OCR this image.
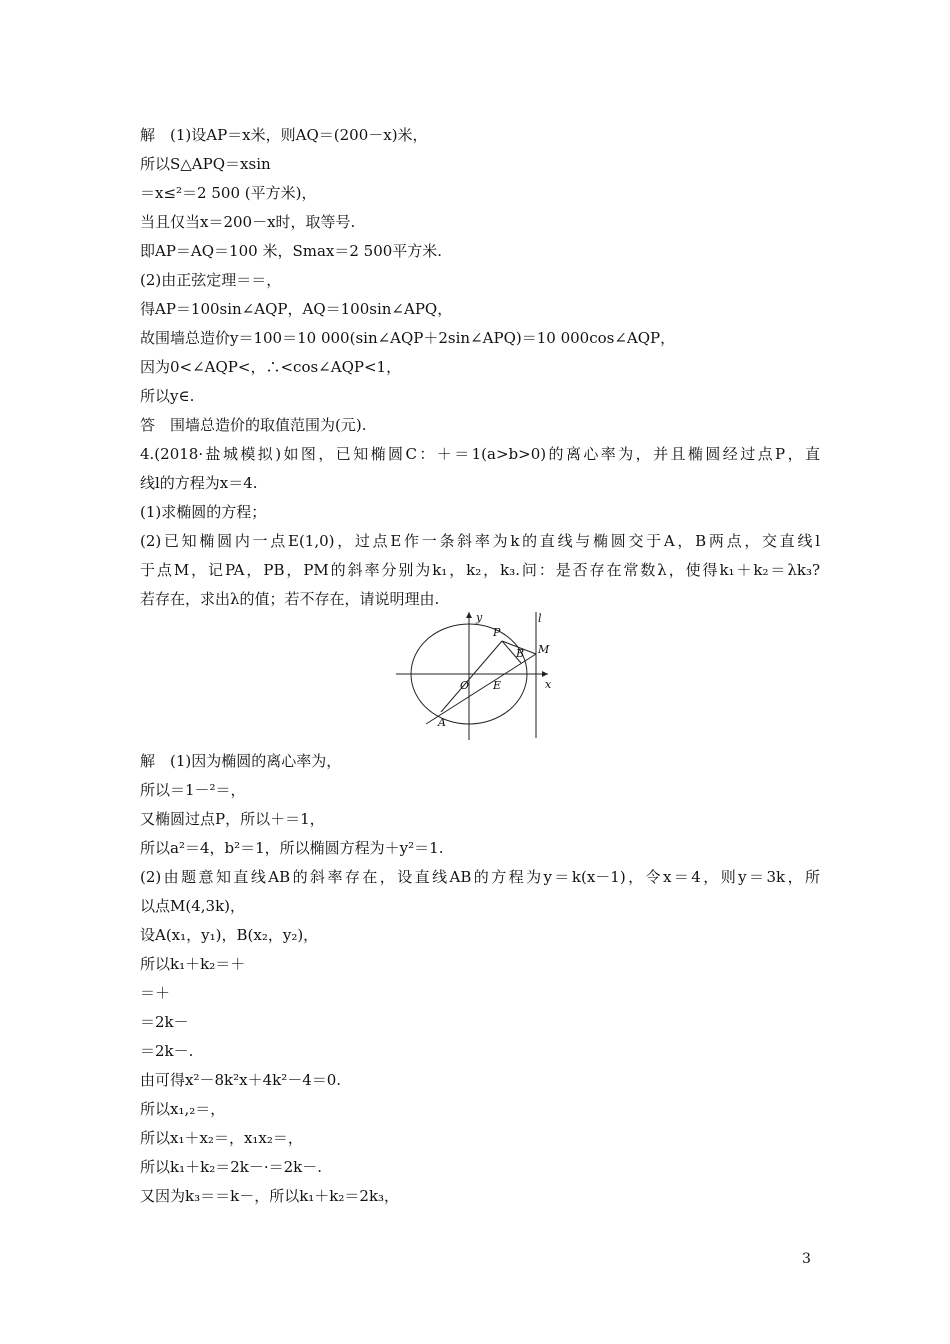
解　(1)设AP＝x米，则AQ＝(200－x)米，
所以S△APQ＝xsin
＝x≤²＝2 500 (平方米)，
当且仅当x＝200－x时，取等号.
即AP＝AQ＝100 米，Smax＝2 500平方米.
(2)由正弦定理＝＝，
得AP＝100sin∠AQP，AQ＝100sin∠APQ，
故围墙总造价y＝100＝10 000(sin∠AQP＋2sin∠APQ)＝10 000cos∠AQP，
因为0<∠AQP<，∴<cos∠AQP<1，
所以y∈.
答　围墙总造价的取值范围为(元).
4.(2018·盐城模拟)如图，已知椭圆C：＋＝1(a>b>0)的离心率为，并且椭圆经过点P，直
线l的方程为x＝4.
(1)求椭圆的方程；
(2)已知椭圆内一点E(1,0)，过点E作一条斜率为k的直线与椭圆交于A，B两点，交直线l
于点M，记PA，PB，PM的斜率分别为k₁，k₂，k₃.问：是否存在常数λ，使得k₁＋k₂＝λk₃?
若存在，求出λ的值；若不存在，请说明理由.
y
x
l
P
B M
O E
A
解　(1)因为椭圆的离心率为，
所以＝1－²＝，
又椭圆过点P，所以＋＝1，
所以a²＝4，b²＝1，所以椭圆方程为＋y²＝1.
(2)由题意知直线AB的斜率存在，设直线AB的方程为y＝k(x－1)，令x＝4，则y＝3k，所
以点M(4,3k)，
设A(x₁，y₁)，B(x₂，y₂)，
所以k₁＋k₂＝＋
＝＋
＝2k－
＝2k－.
由可得x²－8k²x＋4k²－4＝0.
所以x₁,₂＝，
所以x₁＋x₂＝，x₁x₂＝，
所以k₁＋k₂＝2k－·＝2k－.
又因为k₃＝＝k－，所以k₁＋k₂＝2k₃，
3
